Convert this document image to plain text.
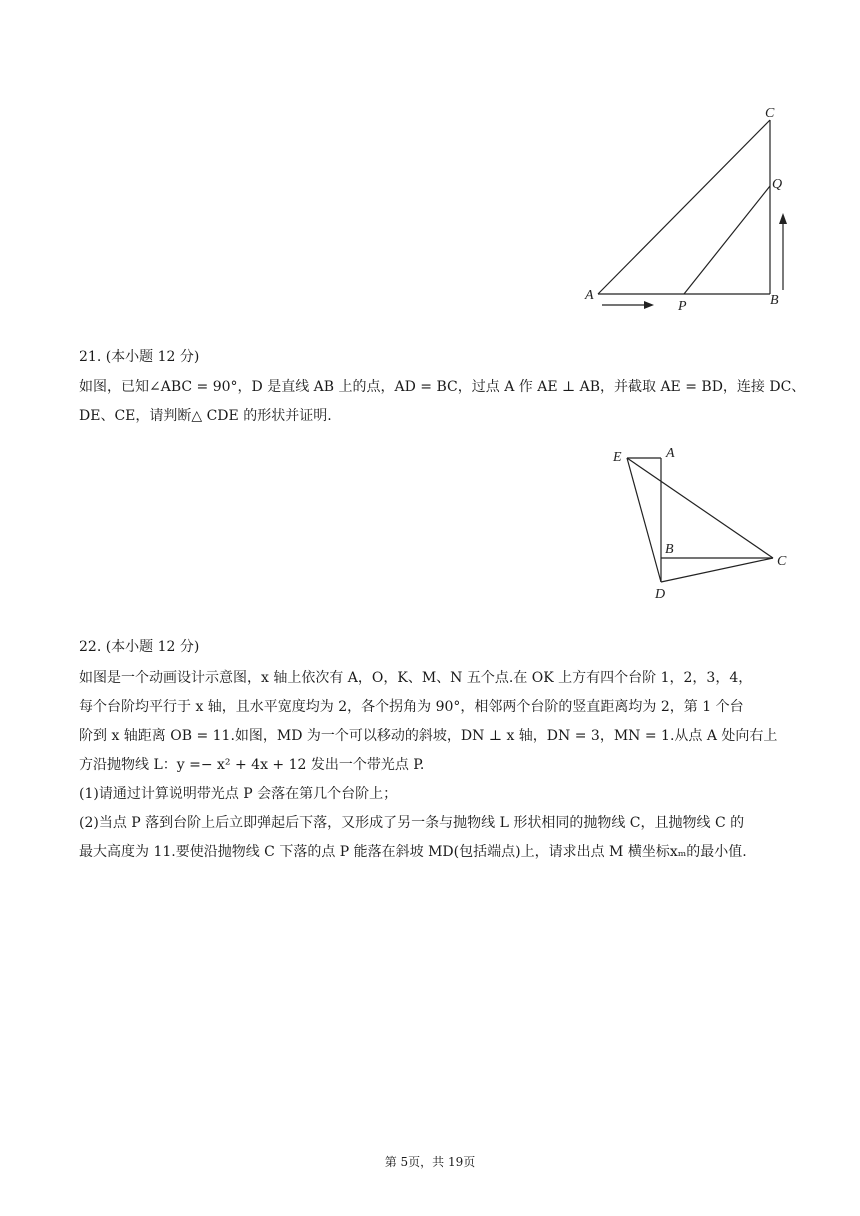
C
Q
A
P	B
21. (本小题 12 分)
如图，已知∠ABC = 90°，D 是直线 AB 上的点，AD = BC，过点 A 作 AE ⊥ AB，并截取 AE = BD，连接 DC、
DE、CE，请判断△ CDE 的形状并证明.
E	A
B
C
D
22. (本小题 12 分)
如图是一个动画设计示意图，x 轴上依次有 A，O，K、M、N 五个点.在 OK 上方有四个台阶 1，2，3，4，
每个台阶均平行于 x 轴，且水平宽度均为 2，各个拐角为 90°，相邻两个台阶的竖直距离均为 2，第 1 个台
阶到 x 轴距离 OB = 11.如图，MD 为一个可以移动的斜坡，DN ⊥ x 轴，DN = 3，MN = 1.从点 A 处向右上
方沿抛物线 L：y =− x² + 4x + 12 发出一个带光点 P.
(1)请通过计算说明带光点 P 会落在第几个台阶上；
(2)当点 P 落到台阶上后立即弹起后下落，又形成了另一条与抛物线 L 形状相同的抛物线 C，且抛物线 C 的
最大高度为 11.要使沿抛物线 C 下落的点 P 能落在斜坡 MD(包括端点)上，请求出点 M 横坐标xₘ的最小值.
第 5页，共 19页
